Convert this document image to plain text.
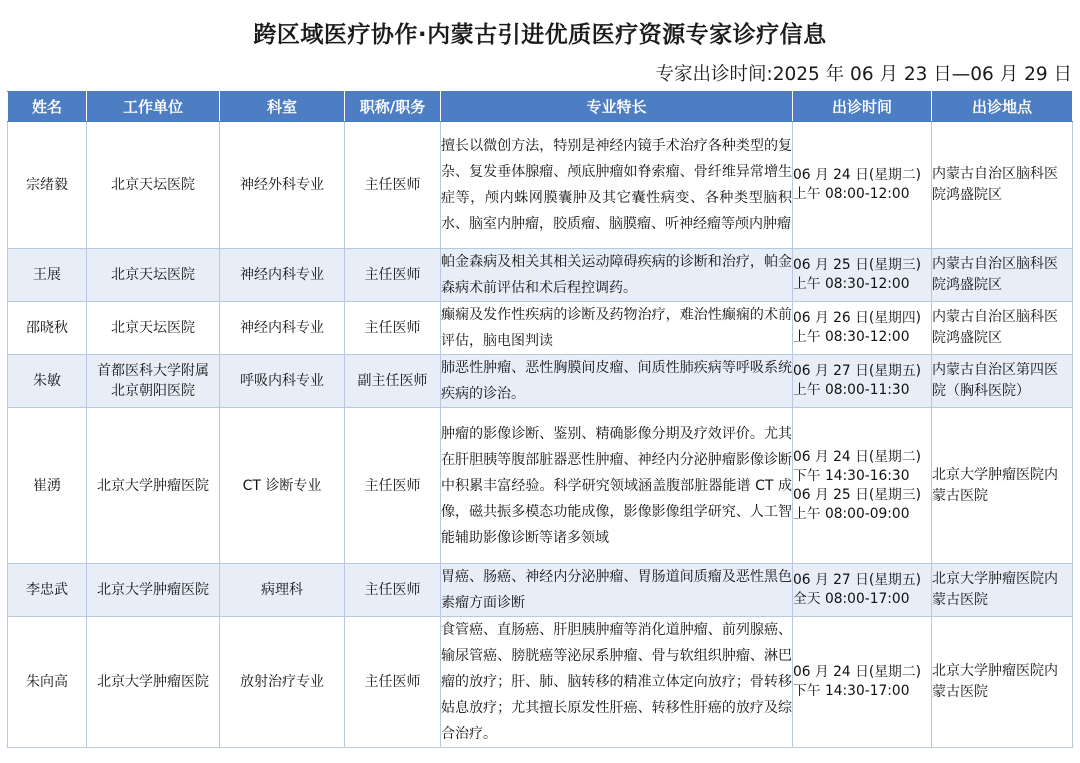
跨区域医疗协作·内蒙古引进优质医疗资源专家诊疗信息
专家出诊时间:2025 年 06 月 23 日—06 月 29 日
姓名	工作单位	科室	职称/职务	专业特长	出诊时间	出诊地点
宗绪毅	北京天坛医院	神经外科专业	主任医师	擅长以微创方法，特别是神经内镜手术治疗各种类型的复杂、复发垂体腺瘤、颅底肿瘤如脊索瘤、骨纤维异常增生症等，颅内蛛网膜囊肿及其它囊性病变、各种类型脑积水、脑室内肿瘤，胶质瘤、脑膜瘤、听神经瘤等颅内肿瘤	06 月 24 日(星期二)
上午 08:00-12:00	内蒙古自治区脑科医
院鸿盛院区

王展	北京天坛医院	神经内科专业	主任医师	帕金森病及相关其相关运动障碍疾病的诊断和治疗，帕金森病术前评估和术后程控调药。	06 月 25 日(星期三)
上午 08:30-12:00	内蒙古自治区脑科医
院鸿盛院区

邵晓秋	北京天坛医院	神经内科专业	主任医师	癫痫及发作性疾病的诊断及药物治疗，难治性癫痫的术前评估，脑电图判读	06 月 26 日(星期四)
上午 08:30-12:00	内蒙古自治区脑科医
院鸿盛院区

朱敏	首都医科大学附属
北京朝阳医院	呼吸内科专业	副主任医师	肺恶性肿瘤、恶性胸膜间皮瘤、间质性肺疾病等呼吸系统疾病的诊治。	06 月 27 日(星期五)
上午 08:00-11:30	内蒙古自治区第四医
院（胸科医院）

崔湧	北京大学肿瘤医院	CT 诊断专业	主任医师	肿瘤的影像诊断、鉴别、精确影像分期及疗效评价。尤其在肝胆胰等腹部脏器恶性肿瘤、神经内分泌肿瘤影像诊断中积累丰富经验。科学研究领域涵盖腹部脏器能谱 CT 成像，磁共振多模态功能成像，影像影像组学研究、人工智能辅助影像诊断等诸多领域	06 月 24 日(星期二)
下午 14:30-16:30
06 月 25 日(星期三)
上午 08:00-09:00	北京大学肿瘤医院内
蒙古医院

李忠武	北京大学肿瘤医院	病理科	主任医师	胃癌、肠癌、神经内分泌肿瘤、胃肠道间质瘤及恶性黑色素瘤方面诊断	06 月 27 日(星期五)
全天 08:00-17:00	北京大学肿瘤医院内
蒙古医院

朱向高	北京大学肿瘤医院	放射治疗专业	主任医师	食管癌、直肠癌、肝胆胰肿瘤等消化道肿瘤、前列腺癌、输尿管癌、膀胱癌等泌尿系肿瘤、骨与软组织肿瘤、淋巴瘤的放疗；肝、肺、脑转移的精准立体定向放疗；骨转移姑息放疗；尤其擅长原发性肝癌、转移性肝癌的放疗及综合治疗。	06 月 24 日(星期二)
下午 14:30-17:00	北京大学肿瘤医院内
蒙古医院
